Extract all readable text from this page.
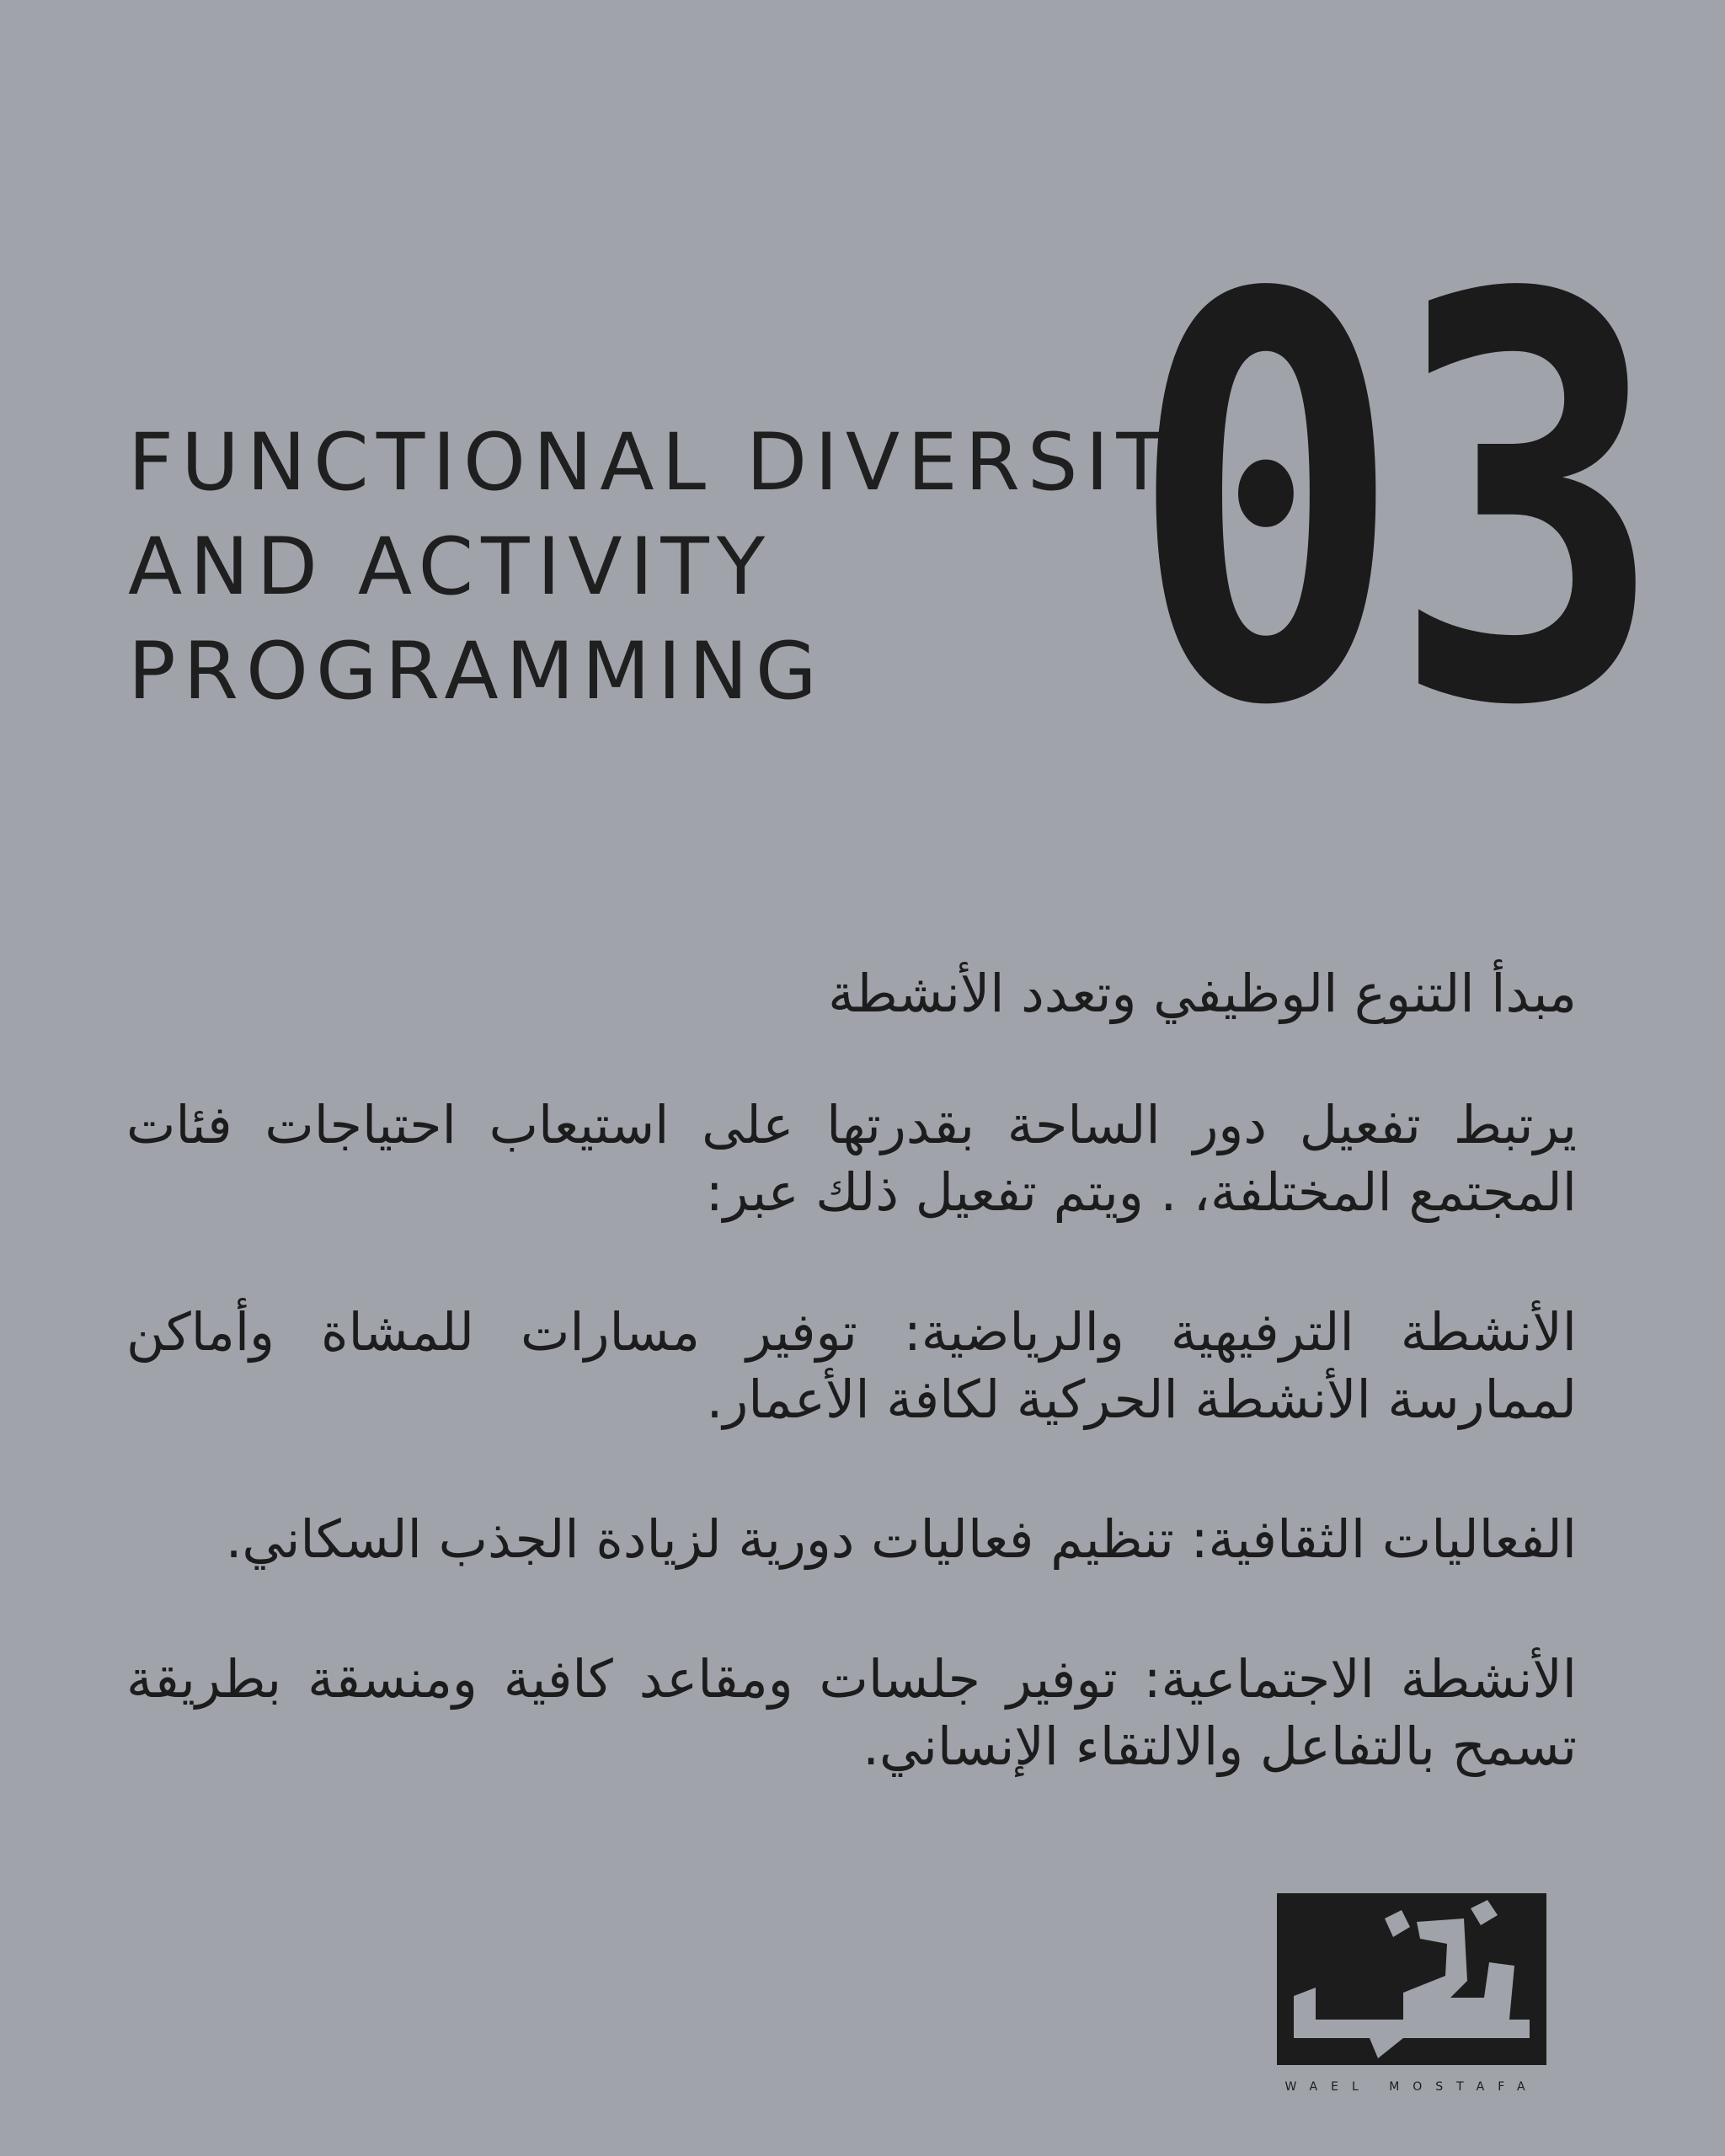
FUNCTIONAL DIVERSITY
AND ACTIVITY
PROGRAMMING 03

مبدأ التنوع الوظيفي وتعدد الأنشطة

يرتبط تفعيل دور الساحة بقدرتها على استيعاب احتياجات فئات المجتمع المختلفة، . ويتم تفعيل ذلك عبر:

الأنشطة الترفيهية والرياضية: توفير مسارات للمشاة وأماكن لممارسة الأنشطة الحركية لكافة الأعمار.

الفعاليات الثقافية: تنظيم فعاليات دورية لزيادة الجذب السكاني.

الأنشطة الاجتماعية: توفير جلسات ومقاعد كافية ومنسقة بطريقة تسمح بالتفاعل والالتقاء الإنساني.

WAEL MOSTAFA
